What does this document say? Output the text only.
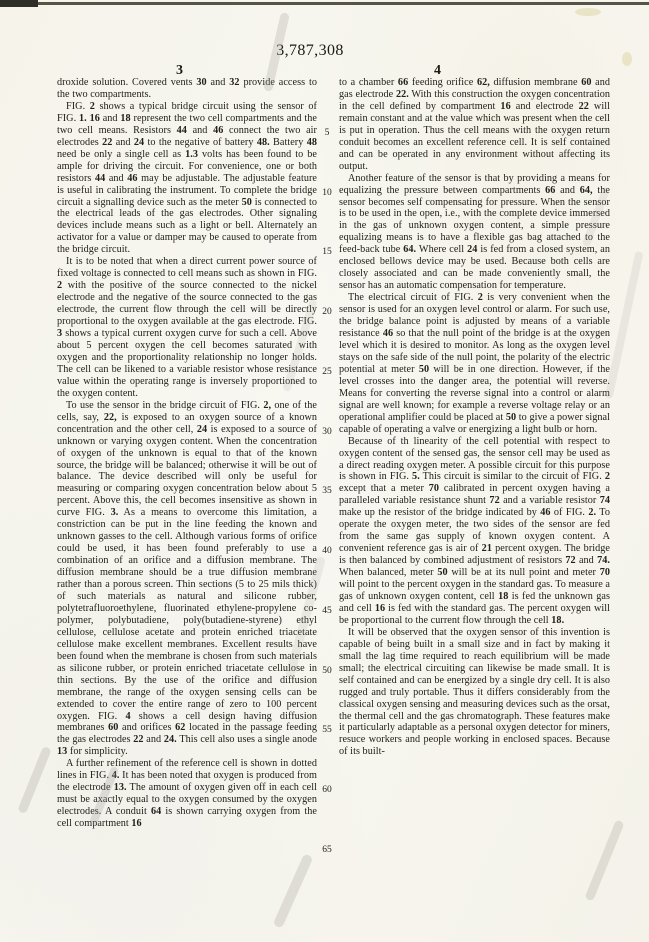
3,787,308
3	4

droxide solution. Covered vents 30 and 32 provide access to the two compartments.

FIG. 2 shows a typical bridge circuit using the sensor of FIG. 1. 16 and 18 represent the two cell compartments and the two cell means. Resistors 44 and 46 connect the two air electrodes 22 and 24 to the negative of battery 48. Battery 48 need be only a single cell as 1.3 volts has been found to be ample for driving the circuit. For convenience, one or both resistors 44 and 46 may be adjustable. The adjustable feature is useful in calibrating the instrument. To complete the bridge circuit a signalling device such as the meter 50 is connected to the electrical leads of the gas electrodes. Other signaling devices include means such as a light or bell. Alternately an activator for a value or damper may be caused to operate from the bridge circuit.

It is to be noted that when a direct current power source of fixed voltage is connected to cell means such as shown in FIG. 2 with the positive of the source connected to the nickel electrode and the negative of the source connected to the gas electrode, the current flow through the cell will be directly proportional to the oxygen available at the gas electrode. FIG. 3 shows a typical current oxygen curve for such a cell. Above about 5 percent oxygen the cell becomes saturated with oxygen and the proportionality relationship no longer holds. The cell can be likened to a variable resistor whose resistance value within the operating range is inversely proportioned to the oxygen content.

To use the sensor in the bridge circuit of FIG. 2, one of the cells, say, 22, is exposed to an oxygen source of a known concentration and the other cell, 24 is exposed to a source of unknown or varying oxygen content. When the concentration of oxygen of the unknown is equal to that of the known source, the bridge will be balanced; otherwise it will be out of balance. The device described will only be useful for measuring or comparing oxygen concentration below about 5 percent. Above this, the cell becomes insensitive as shown in curve FIG. 3. As a means to overcome this limitation, a constriction can be put in the line feeding the known and unknown gasses to the cell. Although various forms of orifice could be used, it has been found preferably to use a combination of an orifice and a diffusion membrane. The diffusion membrane should be a true diffusion membrane rather than a porous screen. Thin sections (5 to 25 mils thick) of such materials as natural and silicone rubber, polytetrafluoroethylene, fluorinated ethylene-propylene co-polymer, polybutadiene, poly(butadiene-styrene) ethyl cellulose, cellulose acetate and protein enriched triacetate cellulose make excellent membranes. Excellent results have been found when the membrane is chosen from such materials as silicone rubber, or protein enriched triacetate cellulose in thin sections. By the use of the orifice and diffusion membrane, the range of the oxygen sensing cells can be extended to cover the entire range of zero to 100 percent oxygen. FIG. 4 shows a cell design having diffusion membranes 60 and orifices 62 located in the passage feeding the gas electrodes 22 and 24. This cell also uses a single anode 13 for simplicity.

A further refinement of the reference cell is shown in dotted lines in FIG. 4. It has been noted that oxygen is produced from the electrode 13. The amount of oxygen given off in each cell must be axactly equal to the oxygen consumed by the oxygen electrodes. A conduit 64 is shown carrying oxygen from the cell compartment 16

to a chamber 66 feeding orifice 62, diffusion membrane 60 and gas electrode 22. With this construction the oxygen concentration in the cell defined by compartment 16 and electrode 22 will remain constant and at the value which was present when the cell is put in operation. Thus the cell means with the oxygen return conduit becomes an excellent reference cell. It is self contained and can be operated in any environment without affecting its output.

Another feature of the sensor is that by providing a means for equalizing the pressure between compartments 66 and 64, the sensor becomes self compensating for pressure. When the sensor is to be used in the open, i.e., with the complete device immersed in the gas of unknown oxygen content, a simple pressure equalizing means is to have a flexible gas bag attached to the feed-back tube 64. Where cell 24 is fed from a closed system, an enclosed bellows device may be used. Because both cells are closely associated and can be made conveniently small, the sensor has an automatic compensation for temperature.

The electrical circuit of FIG. 2 is very convenient when the sensor is used for an oxygen level control or alarm. For such use, the bridge balance point is adjusted by means of a variable resistance 46 so that the null point of the bridge is at the oxygen level which it is desired to monitor. As long as the oxygen level stays on the safe side of the null point, the polarity of the electric potential at meter 50 will be in one direction. However, if the level crosses into the danger area, the potential will reverse. Means for converting the reverse signal into a control or alarm signal are well known; for example a reverse voltage relay or an operational amplifier could be placed at 50 to give a power signal capable of operating a valve or energizing a light bulb or horn.

Because of th linearity of the cell potential with respect to oxygen content of the sensed gas, the sensor cell may be used as a direct reading oxygen meter. A possible circuit for this purpose is shown in FIG. 5. This circuit is similar to the circuit of FIG. 2 except that a meter 70 calibrated in percent oxygen having a paralleled variable resistance shunt 72 and a variable resistor 74 make up the resistor of the bridge indicated by 46 of FIG. 2. To operate the oxygen meter, the two sides of the sensor are fed from the same gas supply of known oxygen content. A convenient reference gas is air of 21 percent oxygen. The bridge is then balanced by combined adjustment of resistors 72 and 74. When balanced, meter 50 will be at its null point and meter 70 will point to the percent oxygen in the standard gas. To measure a gas of unknown oxygen content, cell 18 is fed the unknown gas and cell 16 is fed with the standard gas. The percent oxygen will be proportional to the current flow through the cell 18.

It will be observed that the oxygen sensor of this invention is capable of being built in a small size and in fact by making it small the lag time required to reach equilibrium will be made small; the electrical circuiting can likewise be made small. It is self contained and can be energized by a single dry cell. It is also rugged and truly portable. Thus it differs considerably from the classical oxygen sensing and measuring devices such as the orsat, the thermal cell and the gas chromatograph. These features make it particularly adaptable as a personal oxygen detector for miners, resuce workers and people working in enclosed spaces. Because of its built-

5
10
15
20
25
30
35
40
45
50
55
60
65
